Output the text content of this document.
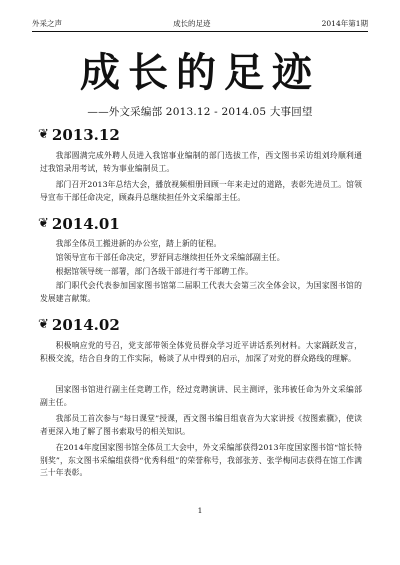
外采之声	成长的足迹	2014年第1期
成长的足迹
——外文采编部 2013.12 - 2014.05 大事回望
❦ 2013.12

我部圆满完成外聘人员进入我馆事业编制的部门选拔工作，西文图书采访组刘玲顺利通过我馆录用考试，转为事业编制员工。

部门召开2013年总结大会，播放视频相册回顾一年来走过的道路，表彰先进员工。馆领导宣布干部任命决定，顾森丹总继续担任外文采编部主任。

❦ 2014.01

我部全体员工搬进新的办公室，踏上新的征程。

馆领导宣布干部任命决定，罗舒同志继续担任外文采编部副主任。

根据馆领导统一部署，部门各级干部进行考干部聘工作。

部门职代会代表参加国家图书馆第二届职工代表大会第三次全体会议，为国家图书馆的发展建言献策。

❦ 2014.02

积极响应党的号召，党支部带领全体党员群众学习近平讲话系列材料。大家踊跃发言，积极交流，结合自身的工作实际，畅谈了从中得到的启示，加深了对党的群众路线的理解。

国家图书馆进行副主任竞聘工作，经过竞聘演讲、民主测评，张玮被任命为外文采编部副主任。

我部员工首次参与“每日课堂”授课，西文图书编目组袁音为大家讲授《按图索骥》，使读者更深入地了解了图书索取号的相关知识。

在2014年度国家图书馆全体员工大会中，外文采编部获得2013年度国家图书馆“馆长特别奖”，东文图书采编组获得“优秀科组”的荣誉称号，我部张芳、张学梅同志获得在馆工作满三十年表彰。

1
